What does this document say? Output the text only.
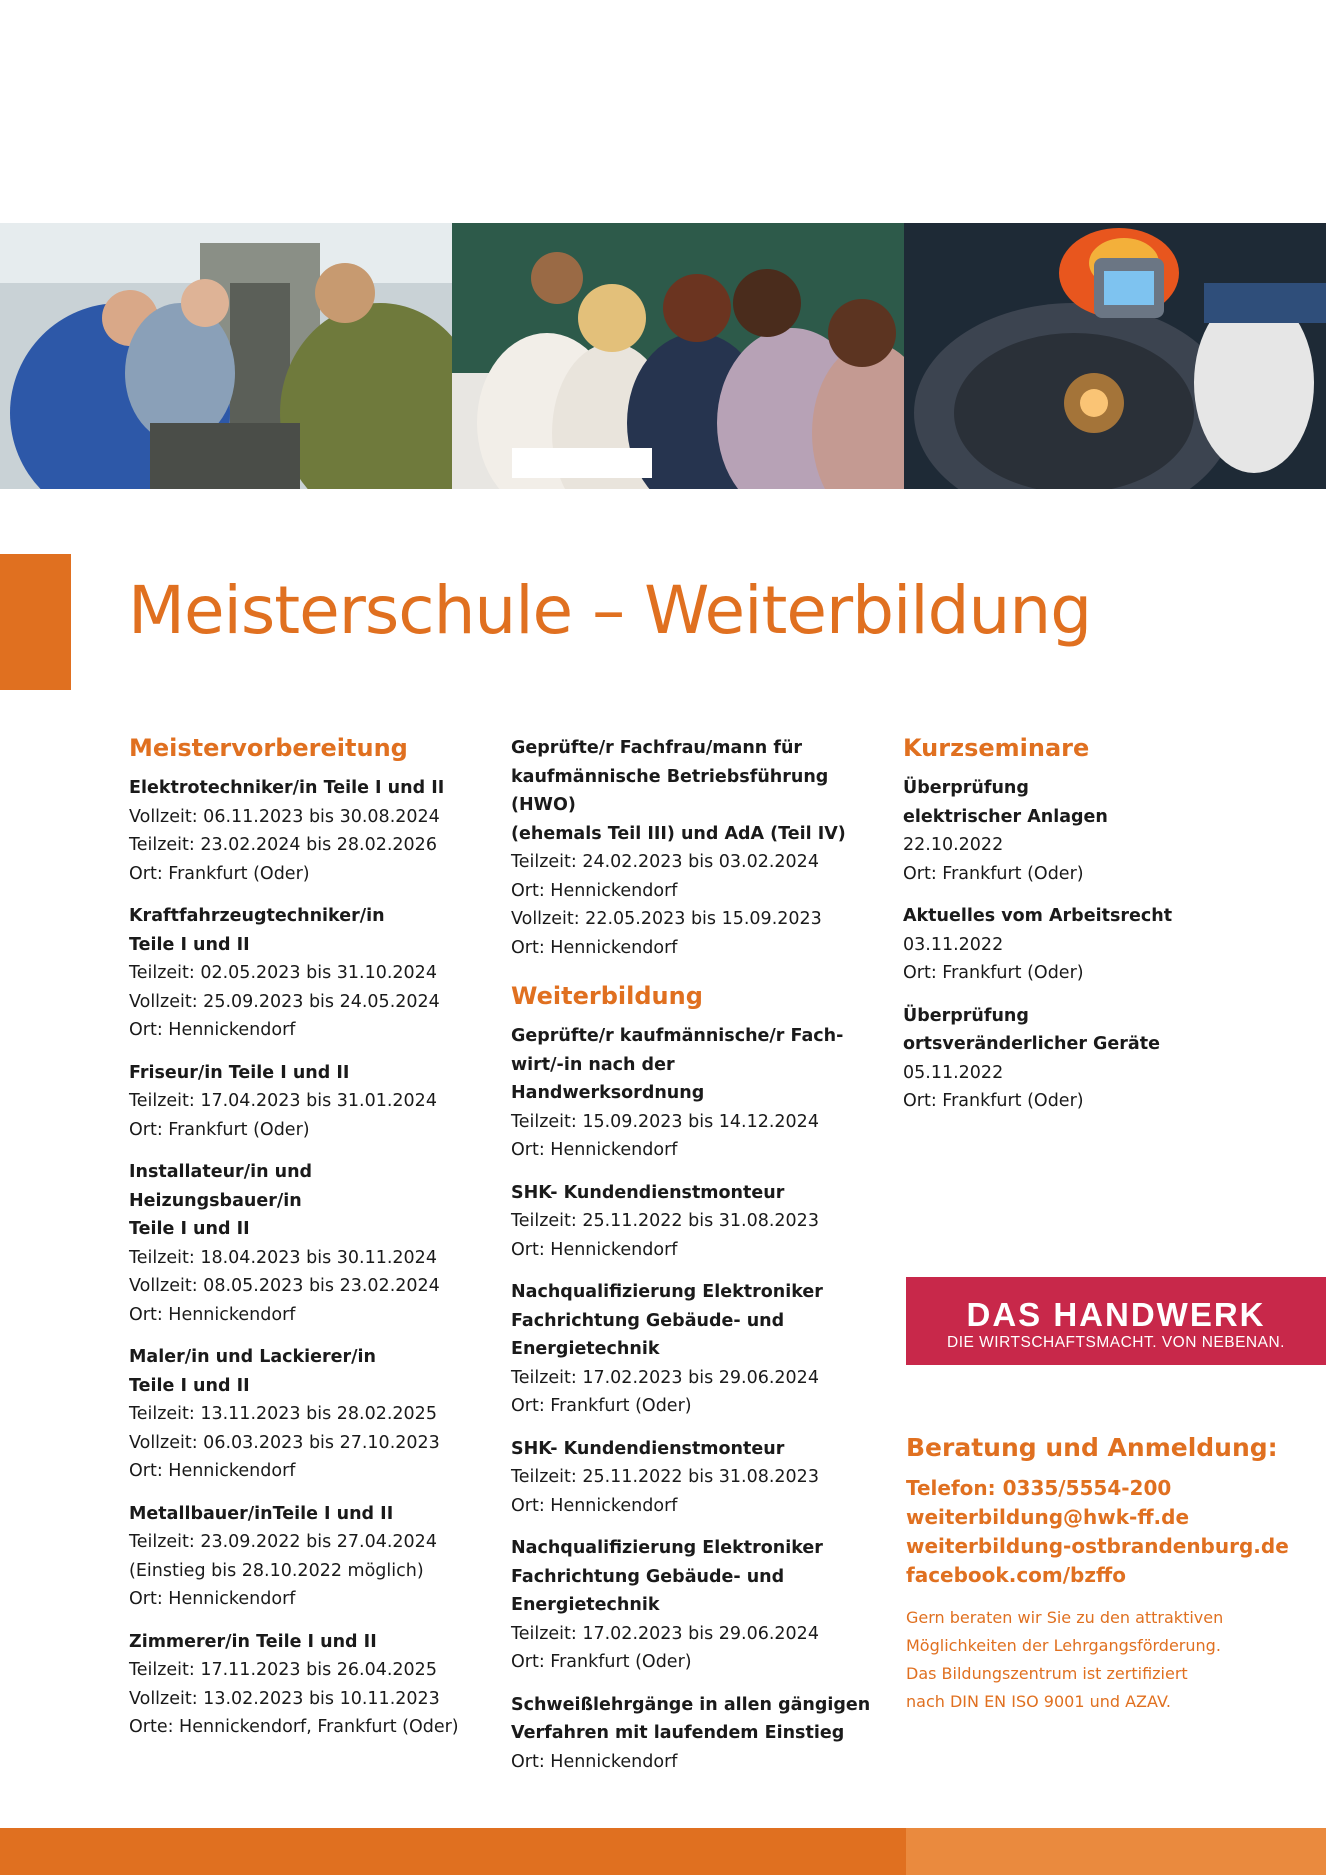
Meisterschule – Weiterbildung
Meistervorbereitung
Elektrotechniker/in Teile I und II
Vollzeit: 06.11.2023 bis 30.08.2024
Teilzeit: 23.02.2024 bis 28.02.2026
Ort: Frankfurt (Oder)
Kraftfahrzeugtechniker/in
Teile I und II
Teilzeit: 02.05.2023 bis 31.10.2024
Vollzeit: 25.09.2023 bis 24.05.2024
Ort: Hennickendorf
Friseur/in Teile I und II
Teilzeit: 17.04.2023 bis 31.01.2024
Ort: Frankfurt (Oder)
Installateur/in und Heizungsbauer/in
Teile I und II
Teilzeit: 18.04.2023 bis 30.11.2024
Vollzeit: 08.05.2023 bis 23.02.2024
Ort: Hennickendorf
Maler/in und Lackierer/in
Teile I und II
Teilzeit: 13.11.2023 bis 28.02.2025
Vollzeit: 06.03.2023 bis 27.10.2023
Ort: Hennickendorf
Metallbauer/inTeile I und II
Teilzeit: 23.09.2022 bis 27.04.2024
(Einstieg bis 28.10.2022 möglich)
Ort: Hennickendorf
Zimmerer/in Teile I und II
Teilzeit: 17.11.2023 bis 26.04.2025
Vollzeit: 13.02.2023 bis 10.11.2023
Orte: Hennickendorf, Frankfurt (Oder)
Geprüfte/r Fachfrau/mann für
kaufmännische Betriebsführung (HWO)
(ehemals Teil III) und AdA (Teil IV)
Teilzeit: 24.02.2023 bis 03.02.2024
Ort: Hennickendorf
Vollzeit: 22.05.2023 bis 15.09.2023
Ort: Hennickendorf
Weiterbildung
Geprüfte/r kaufmännische/r Fach-
wirt/-in nach der Handwerksordnung
Teilzeit: 15.09.2023 bis 14.12.2024
Ort: Hennickendorf
SHK- Kundendienstmonteur
Teilzeit: 25.11.2022 bis 31.08.2023
Ort: Hennickendorf
Nachqualifizierung Elektroniker
Fachrichtung Gebäude- und
Energietechnik
Teilzeit: 17.02.2023 bis 29.06.2024
Ort: Frankfurt (Oder)
SHK- Kundendienstmonteur
Teilzeit: 25.11.2022 bis 31.08.2023
Ort: Hennickendorf
Nachqualifizierung Elektroniker
Fachrichtung Gebäude- und
Energietechnik
Teilzeit: 17.02.2023 bis 29.06.2024
Ort: Frankfurt (Oder)
Schweißlehrgänge in allen gängigen
Verfahren mit laufendem Einstieg
Ort: Hennickendorf
Kurzseminare
Überprüfung
elektrischer Anlagen
22.10.2022
Ort: Frankfurt (Oder)
Aktuelles vom Arbeitsrecht
03.11.2022
Ort: Frankfurt (Oder)
Überprüfung
ortsveränderlicher Geräte
05.11.2022
Ort: Frankfurt (Oder)
DAS HANDWERK
DIE WIRTSCHAFTSMACHT. VON NEBENAN.
Beratung und Anmeldung:
Telefon: 0335/5554-200
weiterbildung@hwk-ff.de
weiterbildung-ostbrandenburg.de
facebook.com/bzffo
Gern beraten wir Sie zu den attraktiven
Möglichkeiten der Lehrgangsförderung.
Das Bildungszentrum ist zertifiziert
nach DIN EN ISO 9001 und AZAV.
